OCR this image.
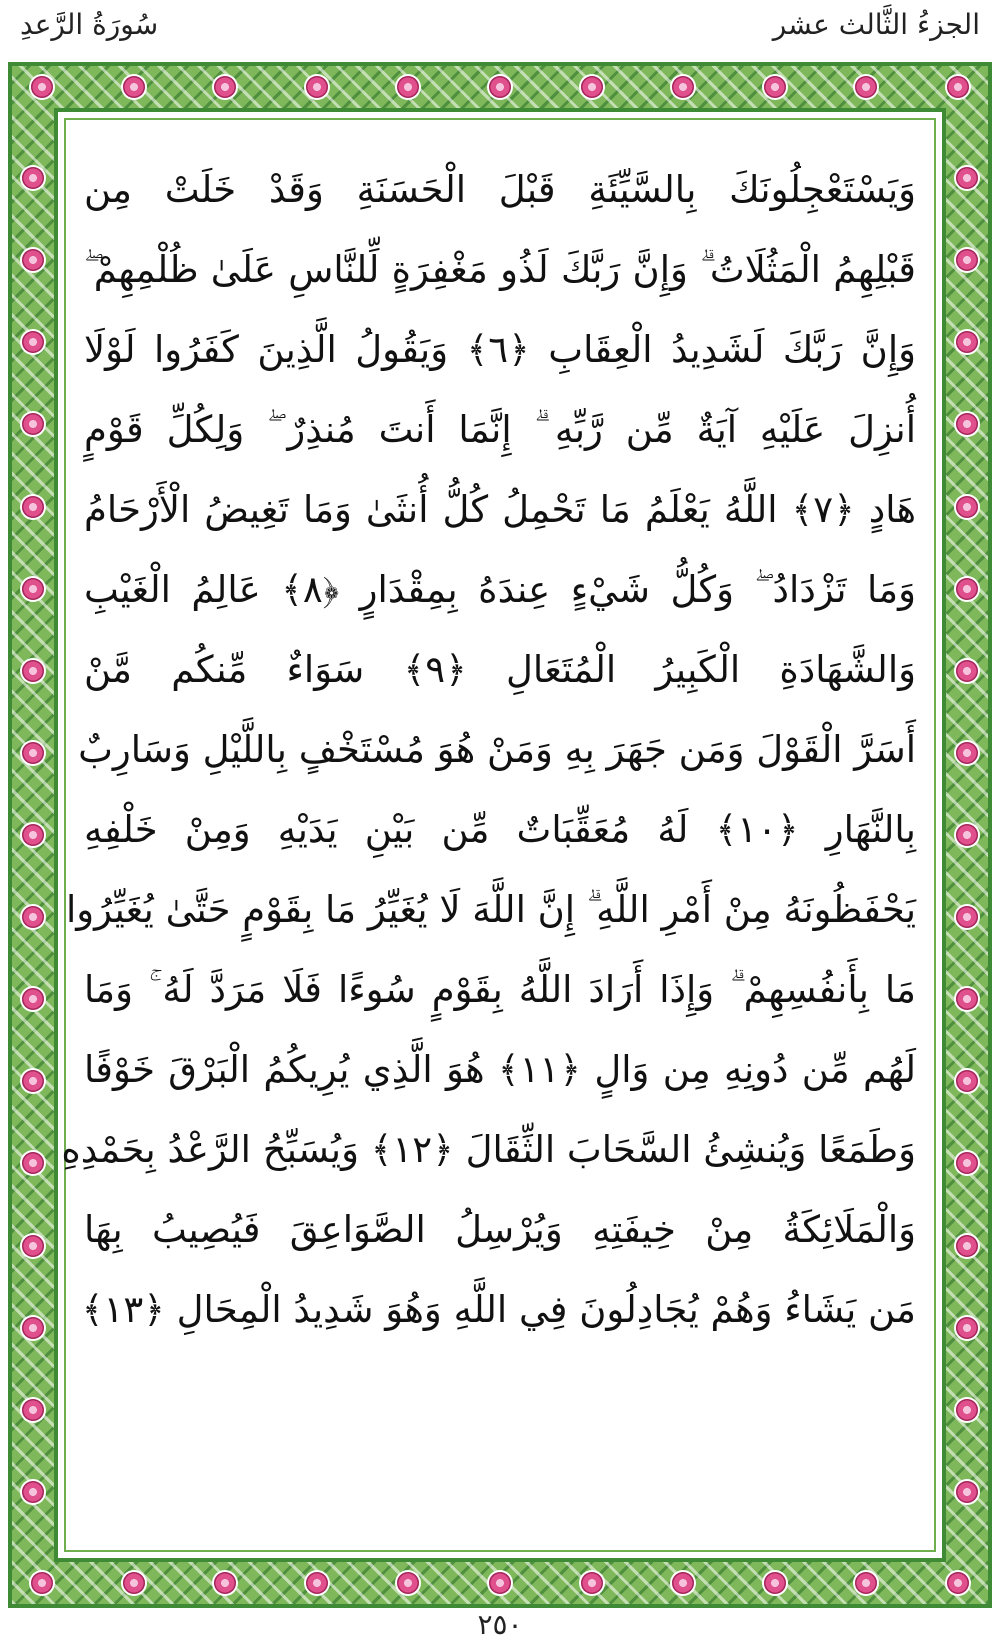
الجزءُ الثَّالث عشر
سُورَةُ الرَّعدِ
وَيَسْتَعْجِلُونَكَ بِالسَّيِّئَةِ قَبْلَ الْحَسَنَةِ وَقَدْ خَلَتْ مِن
قَبْلِهِمُ الْمَثُلَاتُ ۗ وَإِنَّ رَبَّكَ لَذُو مَغْفِرَةٍ لِّلنَّاسِ عَلَىٰ ظُلْمِهِمْ ۖ
وَإِنَّ رَبَّكَ لَشَدِيدُ الْعِقَابِ ﴿٦﴾ وَيَقُولُ الَّذِينَ كَفَرُوا لَوْلَا
أُنزِلَ عَلَيْهِ آيَةٌ مِّن رَّبِّهِ ۗ إِنَّمَا أَنتَ مُنذِرٌ ۖ وَلِكُلِّ قَوْمٍ
هَادٍ ﴿٧﴾ اللَّهُ يَعْلَمُ مَا تَحْمِلُ كُلُّ أُنثَىٰ وَمَا تَغِيضُ الْأَرْحَامُ
وَمَا تَزْدَادُ ۖ وَكُلُّ شَيْءٍ عِندَهُ بِمِقْدَارٍ ﴿٨﴾ عَالِمُ الْغَيْبِ
وَالشَّهَادَةِ الْكَبِيرُ الْمُتَعَالِ ﴿٩﴾ سَوَاءٌ مِّنكُم مَّنْ
أَسَرَّ الْقَوْلَ وَمَن جَهَرَ بِهِ وَمَنْ هُوَ مُسْتَخْفٍ بِاللَّيْلِ وَسَارِبٌ
بِالنَّهَارِ ﴿١٠﴾ لَهُ مُعَقِّبَاتٌ مِّن بَيْنِ يَدَيْهِ وَمِنْ خَلْفِهِ
يَحْفَظُونَهُ مِنْ أَمْرِ اللَّهِ ۗ إِنَّ اللَّهَ لَا يُغَيِّرُ مَا بِقَوْمٍ حَتَّىٰ يُغَيِّرُوا
مَا بِأَنفُسِهِمْ ۗ وَإِذَا أَرَادَ اللَّهُ بِقَوْمٍ سُوءًا فَلَا مَرَدَّ لَهُ ۚ وَمَا
لَهُم مِّن دُونِهِ مِن وَالٍ ﴿١١﴾ هُوَ الَّذِي يُرِيكُمُ الْبَرْقَ خَوْفًا
وَطَمَعًا وَيُنشِئُ السَّحَابَ الثِّقَالَ ﴿١٢﴾ وَيُسَبِّحُ الرَّعْدُ بِحَمْدِهِ
وَالْمَلَائِكَةُ مِنْ خِيفَتِهِ وَيُرْسِلُ الصَّوَاعِقَ فَيُصِيبُ بِهَا
مَن يَشَاءُ وَهُمْ يُجَادِلُونَ فِي اللَّهِ وَهُوَ شَدِيدُ الْمِحَالِ ﴿١٣﴾
٢٥٠
